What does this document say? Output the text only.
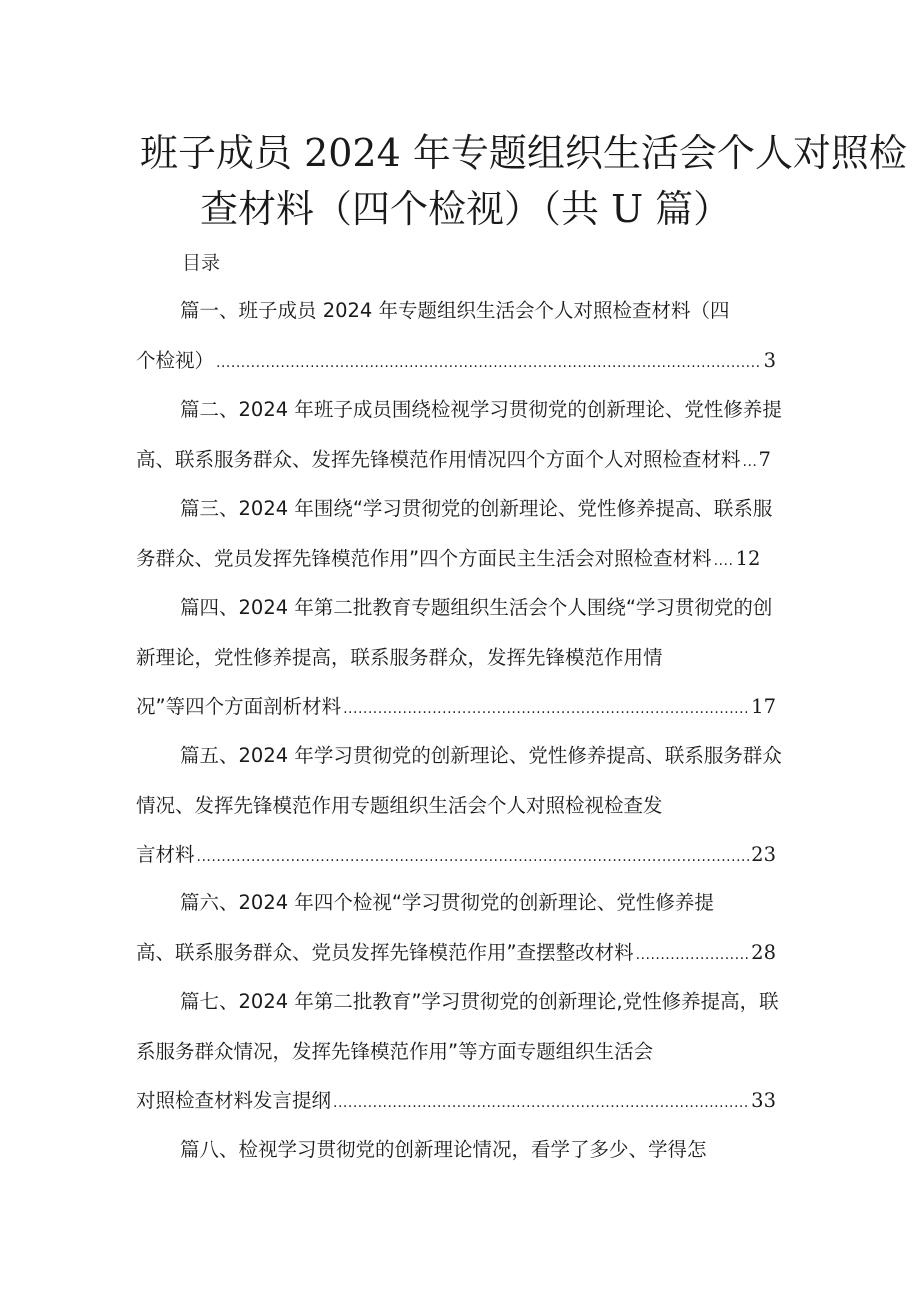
班子成员 2024 年专题组织生活会个人对照检
查材料（四个检视）（共 U 篇）
目录
篇一、班子成员 2024 年专题组织生活会个人对照检查材料（四
个检视） .....	3
篇二、2024 年班子成员围绕检视学习贯彻党的创新理论、党性修养提
高、联系服务群众、发挥先锋模范作用情况四个方面个人对照检查材料 ..... 7
篇三、2024 年围绕“学习贯彻党的创新理论、党性修养提高、联系服
务群众、党员发挥先锋模范作用”四个方面民主生活会对照检查材料 ..... 12
篇四、2024 年第二批教育专题组织生活会个人围绕“学习贯彻党的创
新理论，党性修养提高，联系服务群众，发挥先锋模范作用情
况”等四个方面剖析材料 .....	17
篇五、2024 年学习贯彻党的创新理论、党性修养提高、联系服务群众
情况、发挥先锋模范作用专题组织生活会个人对照检视检查发
言材料 .....	23
篇六、2024 年四个检视“学习贯彻党的创新理论、党性修养提
高、联系服务群众、党员发挥先锋模范作用”查摆整改材料 .....	28
篇七、2024 年第二批教育”学习贯彻党的创新理论,党性修养提高，联
系服务群众情况，发挥先锋模范作用”等方面专题组织生活会
对照检查材料发言提纲 .....	33
篇八、检视学习贯彻党的创新理论情况，看学了多少、学得怎
